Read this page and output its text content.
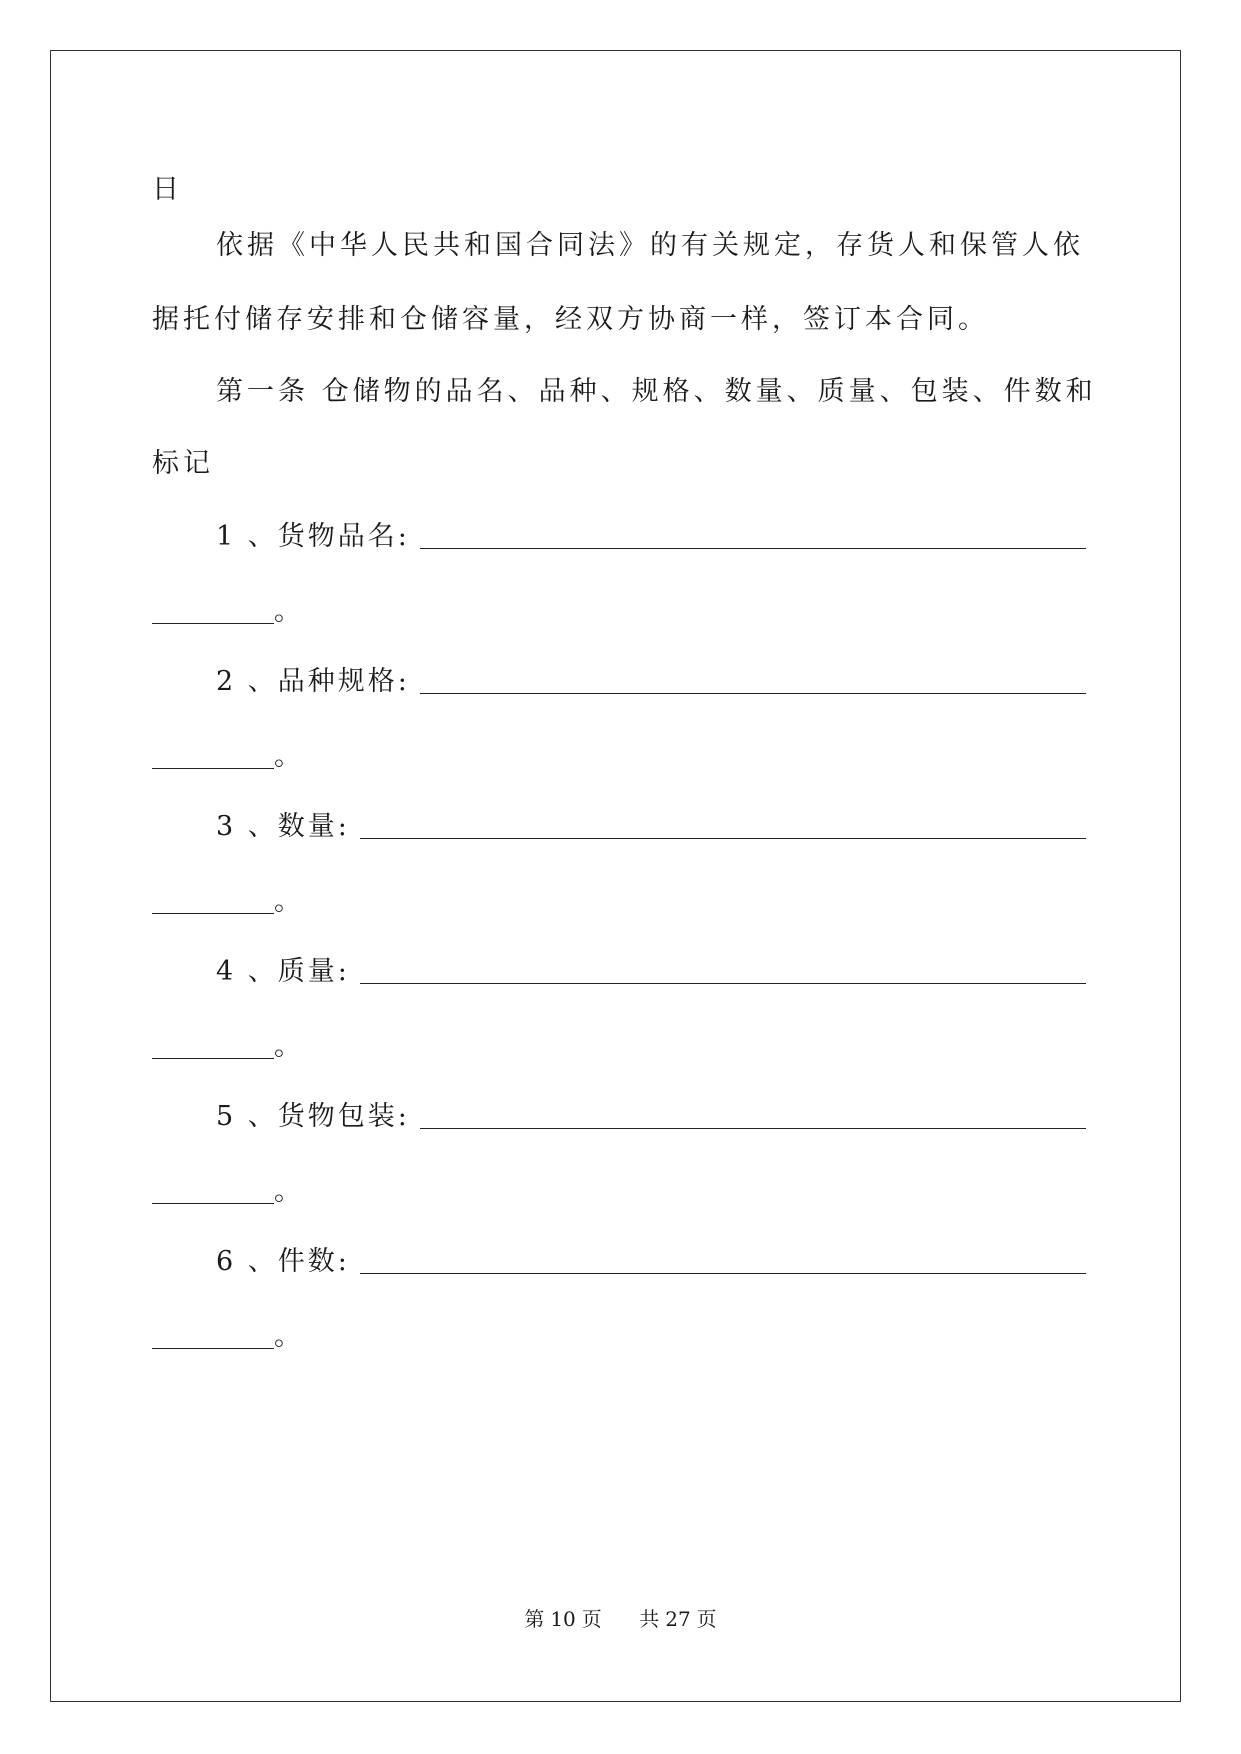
日
依据《中华人民共和国合同法》的有关规定，存货人和保管人依
据托付储存安排和仓储容量，经双方协商一样，签订本合同。
第一条 仓储物的品名、品种、规格、数量、质量、包装、件数和
标记
1 、货物品名:
。
2 、品种规格:
。
3 、数量:
。
4 、质量:
。
5 、货物包装:
。
6 、件数:
。
第 10 页 共 27 页
